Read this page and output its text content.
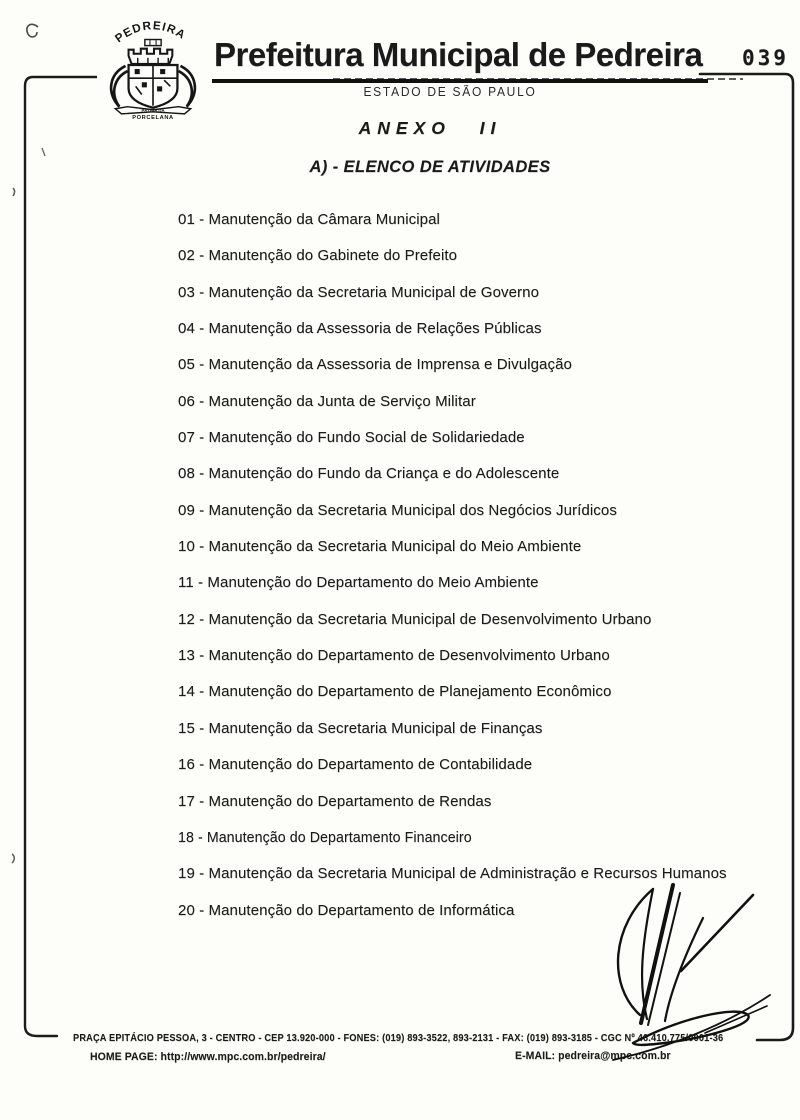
PEDREIRA
PÁTRIA DA
PORCELANA
Prefeitura Municipal de Pedreira 039
ESTADO DE SÃO PAULO
ANEXO II
A) - ELENCO DE ATIVIDADES
01 - Manutenção da Câmara Municipal
02 - Manutenção do Gabinete do Prefeito
03 - Manutenção da Secretaria Municipal de Governo
04 - Manutenção da Assessoria de Relações Públicas
05 - Manutenção da Assessoria de Imprensa e Divulgação
06 - Manutenção da Junta de Serviço Militar
07 - Manutenção do Fundo Social de Solidariedade
08 - Manutenção do Fundo da Criança e do Adolescente
09 - Manutenção da Secretaria Municipal dos Negócios Jurídicos
10 - Manutenção da Secretaria Municipal do Meio Ambiente
11 - Manutenção do Departamento do Meio Ambiente
12 - Manutenção da Secretaria Municipal de Desenvolvimento Urbano
13 - Manutenção do Departamento de Desenvolvimento Urbano
14 - Manutenção do Departamento de Planejamento Econômico
15 - Manutenção da Secretaria Municipal de Finanças
16 - Manutenção do Departamento de Contabilidade
17 - Manutenção do Departamento de Rendas
18 - Manutenção do Departamento Financeiro
19 - Manutenção da Secretaria Municipal de Administração e Recursos Humanos
20 - Manutenção do Departamento de Informática
PRAÇA EPITÁCIO PESSOA, 3 - CENTRO - CEP 13.920-000 - FONES: (019) 893-3522, 893-2131 - FAX: (019) 893-3185 - CGC Nº 46.410.775/0001-36
HOME PAGE: http://www.mpc.com.br/pedreira/	E-MAIL: pedreira@mpc.com.br
